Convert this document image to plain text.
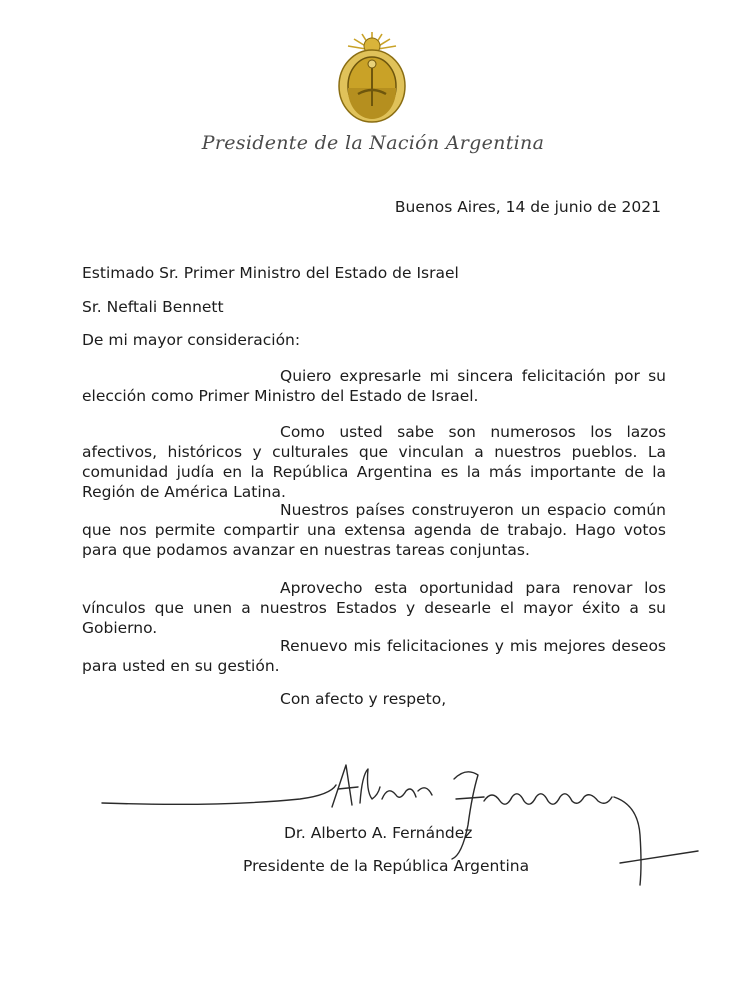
Presidente de la Nación Argentina
Buenos Aires, 14 de junio de 2021
Estimado Sr. Primer Ministro del Estado de Israel
Sr. Neftali Bennett
De mi mayor consideración:

Quiero expresarle mi sincera felicitación por su elección como Primer Ministro del Estado de Israel.

Como usted sabe son numerosos los lazos afectivos, históricos y culturales que vinculan a nuestros pueblos. La comunidad judía en la República Argentina es la más importante de la Región de América Latina.

Nuestros países construyeron un espacio común que nos permite compartir una extensa agenda de trabajo. Hago votos para que podamos avanzar en nuestras tareas conjuntas.

Aprovecho esta oportunidad para renovar los vínculos que unen a nuestros Estados y desearle el mayor éxito a su Gobierno.

Renuevo mis felicitaciones y mis mejores deseos para usted en su gestión.

Con afecto y respeto,
Dr. Alberto A. Fernández
Presidente de la República Argentina
